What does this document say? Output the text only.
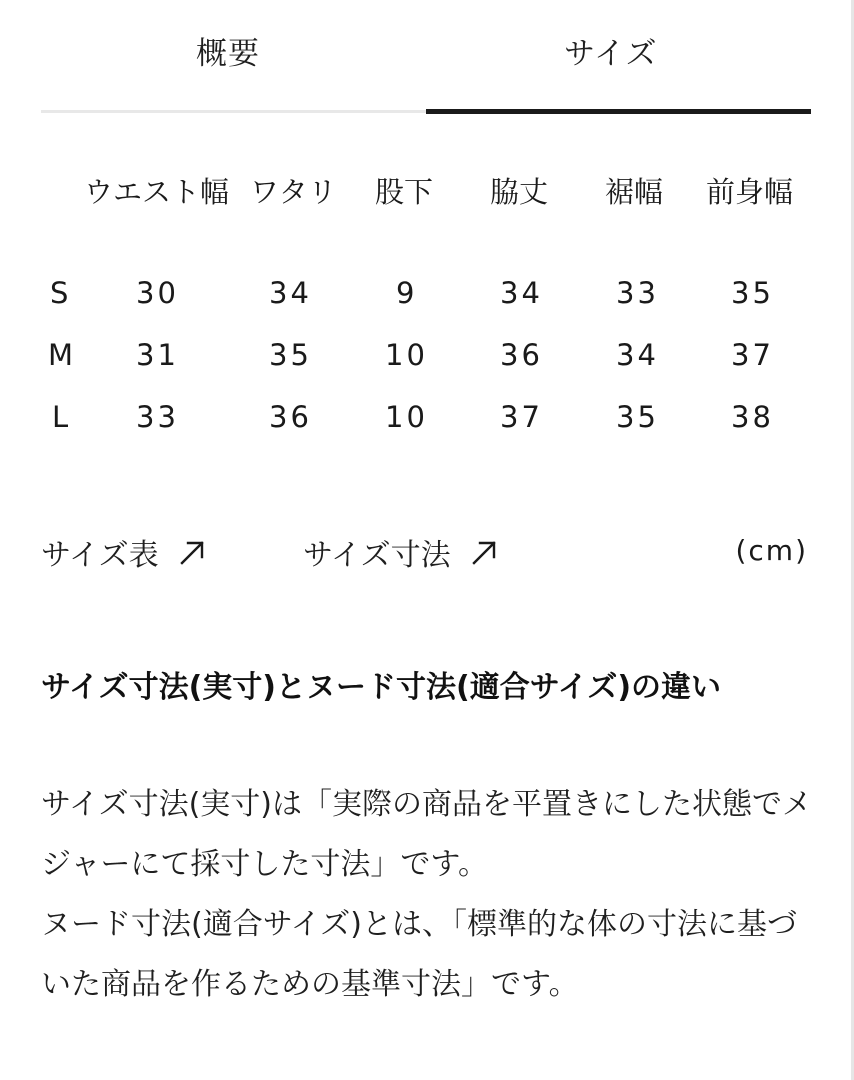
概要	サイズ
ウエスト幅 ワタリ 股下 脇丈 裾幅 前身幅
S 30	34	9	34	33 35
M 31	35	10 36	34 37
L 33	36	10 37	35 38
サイズ表	サイズ寸法	(cm)
サイズ寸法(実寸)とヌード寸法(適合サイズ)の違い

サイズ寸法(実寸)は「実際の商品を平置きにした状態でメジャーにて採寸した寸法」です。

ヌード寸法(適合サイズ)とは、「標準的な体の寸法に基づいた商品を作るための基準寸法」です。
